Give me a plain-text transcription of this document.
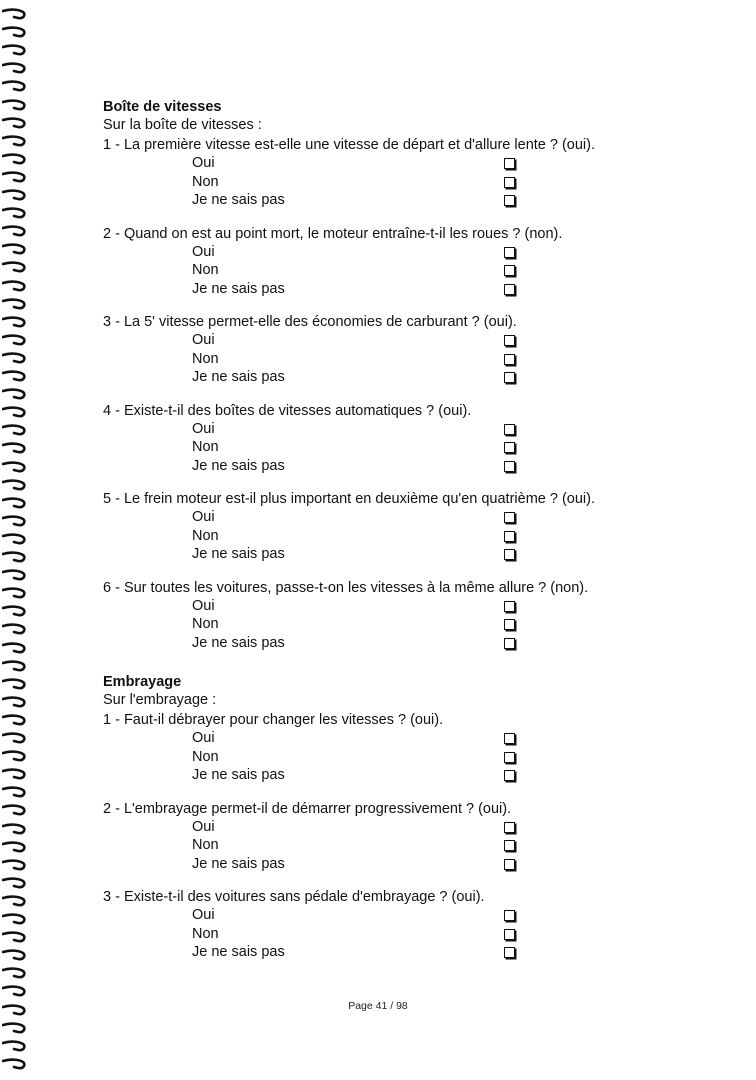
Boîte de vitesses
Sur la boîte de vitesses :
1 - La première vitesse est-elle une vitesse de départ et d'allure lente ? (oui).
Oui
Non
Je ne sais pas
2 - Quand on est au point mort, le moteur entraîne-t-il les roues ? (non).
Oui
Non
Je ne sais pas
3 - La 5' vitesse permet-elle des économies de carburant ? (oui).
Oui
Non
Je ne sais pas
4 - Existe-t-il des boîtes de vitesses automatiques ? (oui).
Oui
Non
Je ne sais pas
5 - Le frein moteur est-il plus important en deuxième qu'en quatrième ? (oui).
Oui
Non
Je ne sais pas
6 - Sur toutes les voitures, passe-t-on les vitesses à la même allure ? (non).
Oui
Non
Je ne sais pas
Embrayage
Sur l'embrayage :
1 - Faut-il débrayer pour changer les vitesses ? (oui).
Oui
Non
Je ne sais pas
2 - L'embrayage permet-il de démarrer progressivement ? (oui).
Oui
Non
Je ne sais pas
3 - Existe-t-il des voitures sans pédale d'embrayage ? (oui).
Oui
Non
Je ne sais pas
Page 41 / 98
